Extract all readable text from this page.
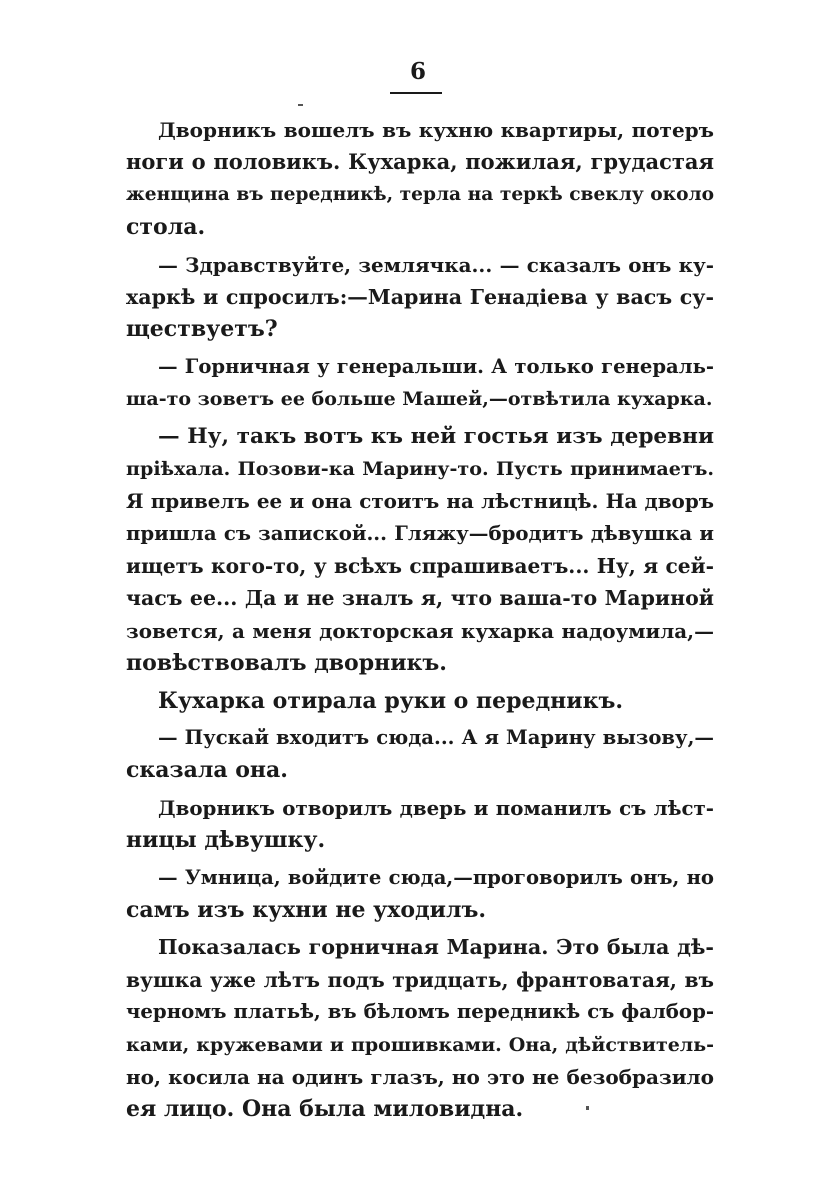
6
Дворникъ вошелъ въ кухню квартиры, потеръ
ноги о половикъ. Кухарка, пожилая, грудастая
женщина въ передникѣ, терла на теркѣ свеклу около
стола.
— Здравствуйте, землячка... — сказалъ онъ ку-
харкѣ и спросилъ:—Марина Генадіева у васъ су-
ществуетъ?
— Горничная у генеральши. А только генераль-
ша-то зоветъ ее больше Машей,—отвѣтила кухарка.
— Ну, такъ вотъ къ ней гостья изъ деревни
пріѣхала. Позови-ка Марину-то. Пусть принимаетъ.
Я привелъ ее и она стоитъ на лѣстницѣ. На дворъ
пришла съ запиской... Гляжу—бродитъ дѣвушка и
ищетъ кого-то, у всѣхъ спрашиваетъ... Ну, я сей-
часъ ее... Да и не зналъ я, что ваша-то Мариной
зовется, а меня докторская кухарка надоумила,—
повѣствовалъ дворникъ.
Кухарка отирала руки о передникъ.
— Пускай входитъ сюда... А я Марину вызову,—
сказала она.
Дворникъ отворилъ дверь и поманилъ съ лѣст-
ницы дѣвушку.
— Умница, войдите сюда,—проговорилъ онъ, но
самъ изъ кухни не уходилъ.
Показалась горничная Марина. Это была дѣ-
вушка уже лѣтъ подъ тридцать, франтоватая, въ
черномъ платьѣ, въ бѣломъ передникѣ съ фалбор-
ками, кружевами и прошивками. Она, дѣйствитель-
но, косила на одинъ глазъ, но это не безобразило
ея лицо. Она была миловидна.
